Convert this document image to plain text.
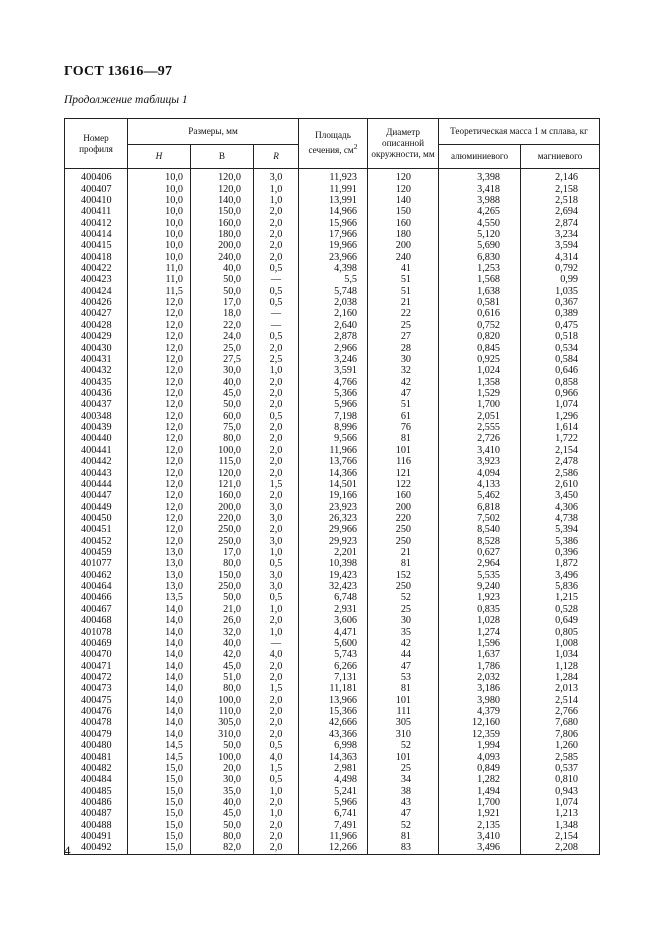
ГОСТ 13616—97
Продолжение таблицы 1
Номер профиля	Размеры, мм			Площадь сечения, $см^2$	Диаметр описанной окружности, мм	Теоретическая масса 1 м сплава, кг	
	H	B	R			алюминиевого	магниевого
400406	10,0	120,0	3,0	11,923	120	3,398	2,146
400407	10,0	120,0	1,0	11,991	120	3,418	2,158
400410	10,0	140,0	1,0	13,991	140	3,988	2,518
400411	10,0	150,0	2,0	14,966	150	4,265	2,694
400412	10,0	160,0	2,0	15,966	160	4,550	2,874
400414	10,0	180,0	2,0	17,966	180	5,120	3,234
400415	10,0	200,0	2,0	19,966	200	5,690	3,594
400418	10,0	240,0	2,0	23,966	240	6,830	4,314
400422	11,0	40,0	0,5	4,398	41	1,253	0,792
400423	11,0	50,0	—	5,5	51	1,568	0,99
400424	11,5	50,0	0,5	5,748	51	1,638	1,035
400426	12,0	17,0	0,5	2,038	21	0,581	0,367
400427	12,0	18,0	—	2,160	22	0,616	0,389
400428	12,0	22,0	—	2,640	25	0,752	0,475
400429	12,0	24,0	0,5	2,878	27	0,820	0,518
400430	12,0	25,0	2,0	2,966	28	0,845	0,534
400431	12,0	27,5	2,5	3,246	30	0,925	0,584
400432	12,0	30,0	1,0	3,591	32	1,024	0,646
400435	12,0	40,0	2,0	4,766	42	1,358	0,858
400436	12,0	45,0	2,0	5,366	47	1,529	0,966
400437	12,0	50,0	2,0	5,966	51	1,700	1,074
400348	12,0	60,0	0,5	7,198	61	2,051	1,296
400439	12,0	75,0	2,0	8,996	76	2,555	1,614
400440	12,0	80,0	2,0	9,566	81	2,726	1,722
400441	12,0	100,0	2,0	11,966	101	3,410	2,154
400442	12,0	115,0	2,0	13,766	116	3,923	2,478
400443	12,0	120,0	2,0	14,366	121	4,094	2,586
400444	12,0	121,0	1,5	14,501	122	4,133	2,610
400447	12,0	160,0	2,0	19,166	160	5,462	3,450
400449	12,0	200,0	3,0	23,923	200	6,818	4,306
400450	12,0	220,0	3,0	26,323	220	7,502	4,738
400451	12,0	250,0	2,0	29,966	250	8,540	5,394
400452	12,0	250,0	3,0	29,923	250	8,528	5,386
400459	13,0	17,0	1,0	2,201	21	0,627	0,396
401077	13,0	80,0	0,5	10,398	81	2,964	1,872
400462	13,0	150,0	3,0	19,423	152	5,535	3,496
400464	13,0	250,0	3,0	32,423	250	9,240	5,836
400466	13,5	50,0	0,5	6,748	52	1,923	1,215
400467	14,0	21,0	1,0	2,931	25	0,835	0,528
400468	14,0	26,0	2,0	3,606	30	1,028	0,649
401078	14,0	32,0	1,0	4,471	35	1,274	0,805
400469	14,0	40,0	—	5,600	42	1,596	1,008
400470	14,0	42,0	4,0	5,743	44	1,637	1,034
400471	14,0	45,0	2,0	6,266	47	1,786	1,128
400472	14,0	51,0	2,0	7,131	53	2,032	1,284
400473	14,0	80,0	1,5	11,181	81	3,186	2,013
400475	14,0	100,0	2,0	13,966	101	3,980	2,514
400476	14,0	110,0	2,0	15,366	111	4,379	2,766
400478	14,0	305,0	2,0	42,666	305	12,160	7,680
400479	14,0	310,0	2,0	43,366	310	12,359	7,806
400480	14,5	50,0	0,5	6,998	52	1,994	1,260
400481	14,5	100,0	4,0	14,363	101	4,093	2,585
400482	15,0	20,0	1,5	2,981	25	0,849	0,537
400484	15,0	30,0	0,5	4,498	34	1,282	0,810
400485	15,0	35,0	1,0	5,241	38	1,494	0,943
400486	15,0	40,0	2,0	5,966	43	1,700	1,074
400487	15,0	45,0	1,0	6,741	47	1,921	1,213
400488	15,0	50,0	2,0	7,491	52	2,135	1,348
400491	15,0	80,0	2,0	11,966	81	3,410	2,154
400492	15,0	82,0	2,0	12,266	83	3,496	2,208
4
